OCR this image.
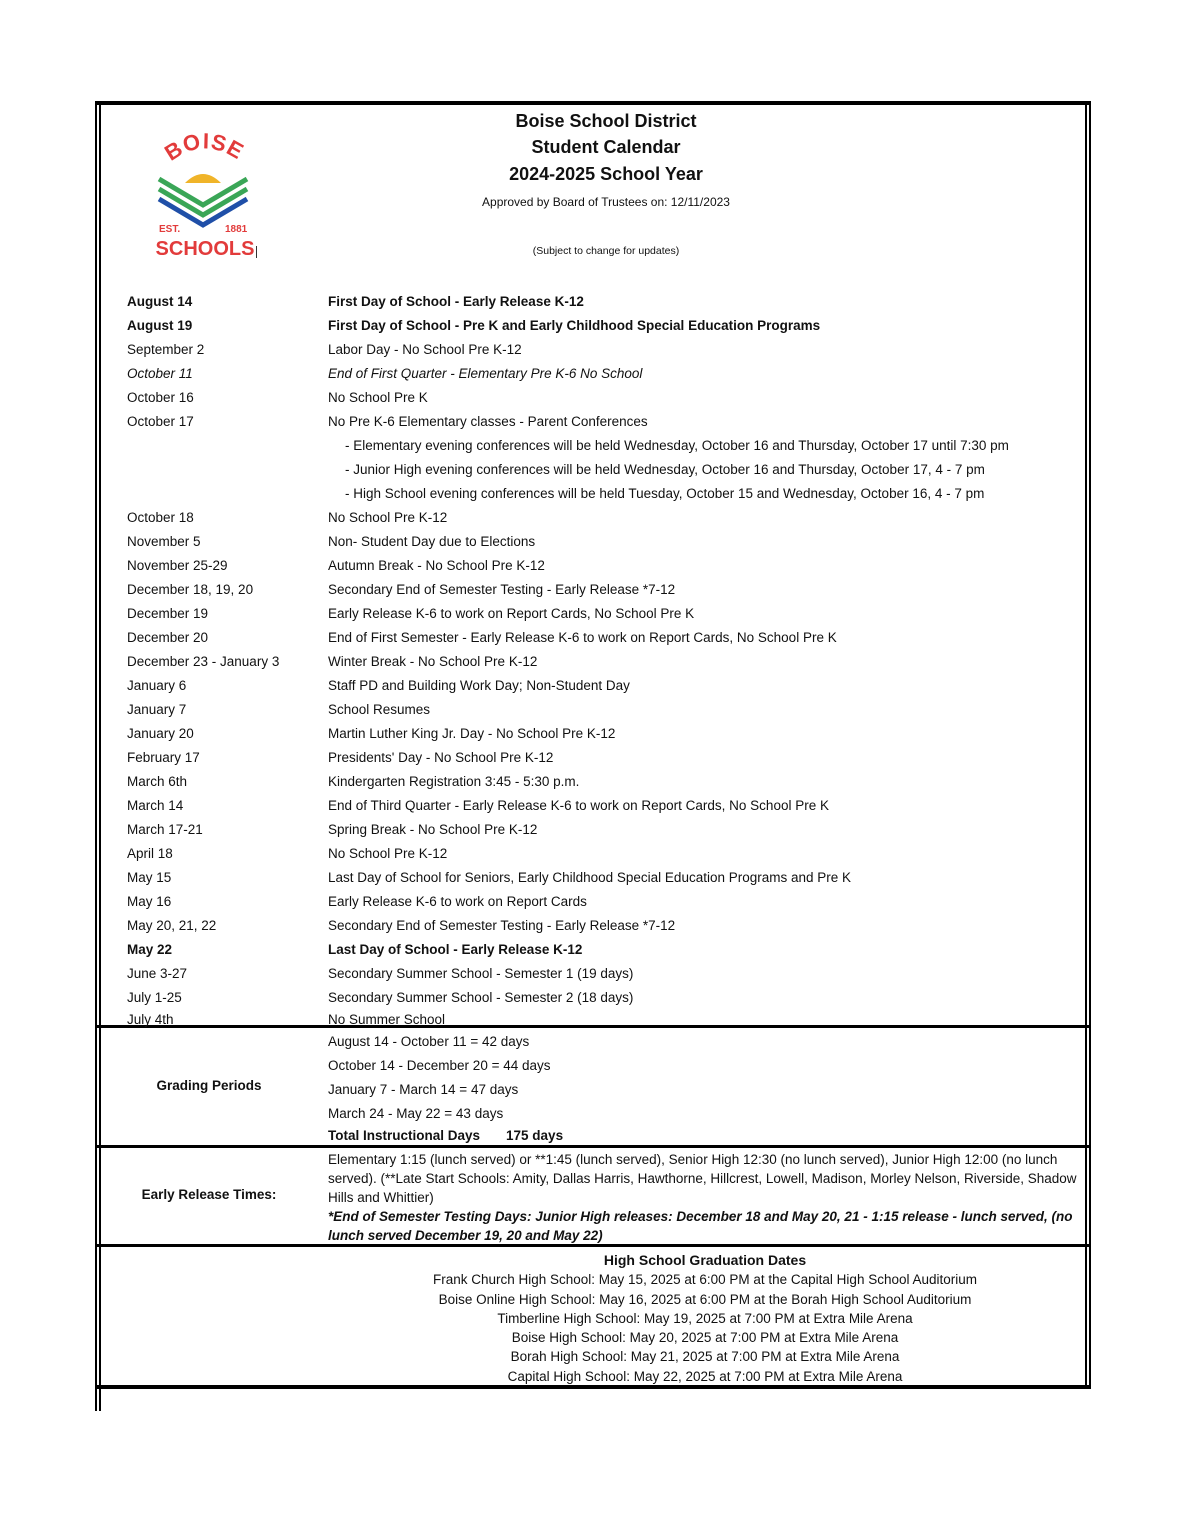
BOISE
EST.	1881
SCHOOLS
Boise School District
Student Calendar
2024-2025 School Year
Approved by Board of Trustees on: 12/11/2023
(Subject to change for updates)
August 14	First Day of School - Early Release K-12
August 19	First Day of School - Pre K and Early Childhood Special Education Programs
September 2	Labor Day - No School Pre K-12
October 11	End of First Quarter - Elementary Pre K-6 No School
October 16	No School Pre K
October 17	No Pre K-6 Elementary classes - Parent Conferences
- Elementary evening conferences will be held Wednesday, October 16 and Thursday, October 17 until 7:30 pm
- Junior High evening conferences will be held Wednesday, October 16 and Thursday, October 17, 4 - 7 pm
- High School evening conferences will be held Tuesday, October 15 and Wednesday, October 16, 4 - 7 pm
October 18	No School Pre K-12
November 5	Non- Student Day due to Elections
November 25-29	Autumn Break - No School Pre K-12
December 18, 19, 20	Secondary End of Semester Testing - Early Release *7-12
December 19	Early Release K-6 to work on Report Cards, No School Pre K
December 20	End of First Semester - Early Release K-6 to work on Report Cards, No School Pre K
December 23 - January 3	Winter Break - No School Pre K-12
January 6	Staff PD and Building Work Day; Non-Student Day
January 7	School Resumes
January 20	Martin Luther King Jr. Day - No School Pre K-12
February 17	Presidents' Day - No School Pre K-12
March 6th	Kindergarten Registration 3:45 - 5:30 p.m.
March 14	End of Third Quarter - Early Release K-6 to work on Report Cards, No School Pre K
March 17-21	Spring Break - No School Pre K-12
April 18	No School Pre K-12
May 15	Last Day of School for Seniors, Early Childhood Special Education Programs and Pre K
May 16	Early Release K-6 to work on Report Cards
May 20, 21, 22	Secondary End of Semester Testing - Early Release *7-12
May 22	Last Day of School - Early Release K-12
June 3-27	Secondary Summer School - Semester 1 (19 days)
July 1-25	Secondary Summer School - Semester 2 (18 days)
July 4th	No Summer School
Grading Periods
August 14 - October 11 = 42 days
October 14 - December 20 = 44 days
January 7 - March 14 = 47 days
March 24 - May 22 = 43 days
Total Instructional Days 175 days
Early Release Times:
Elementary 1:15 (lunch served) or **1:45 (lunch served), Senior High 12:30 (no lunch served), Junior High 12:00 (no lunch served). (**Late Start Schools: Amity, Dallas Harris, Hawthorne, Hillcrest, Lowell, Madison, Morley Nelson, Riverside, Shadow Hills and Whittier)
*End of Semester Testing Days: Junior High releases: December 18 and May 20, 21 - 1:15 release - lunch served, (no lunch served December 19, 20 and May 22)
High School Graduation Dates
Frank Church High School: May 15, 2025 at 6:00 PM at the Capital High School Auditorium
Boise Online High School: May 16, 2025 at 6:00 PM at the Borah High School Auditorium
Timberline High School: May 19, 2025 at 7:00 PM at Extra Mile Arena
Boise High School: May 20, 2025 at 7:00 PM at Extra Mile Arena
Borah High School: May 21, 2025 at 7:00 PM at Extra Mile Arena
Capital High School: May 22, 2025 at 7:00 PM at Extra Mile Arena
